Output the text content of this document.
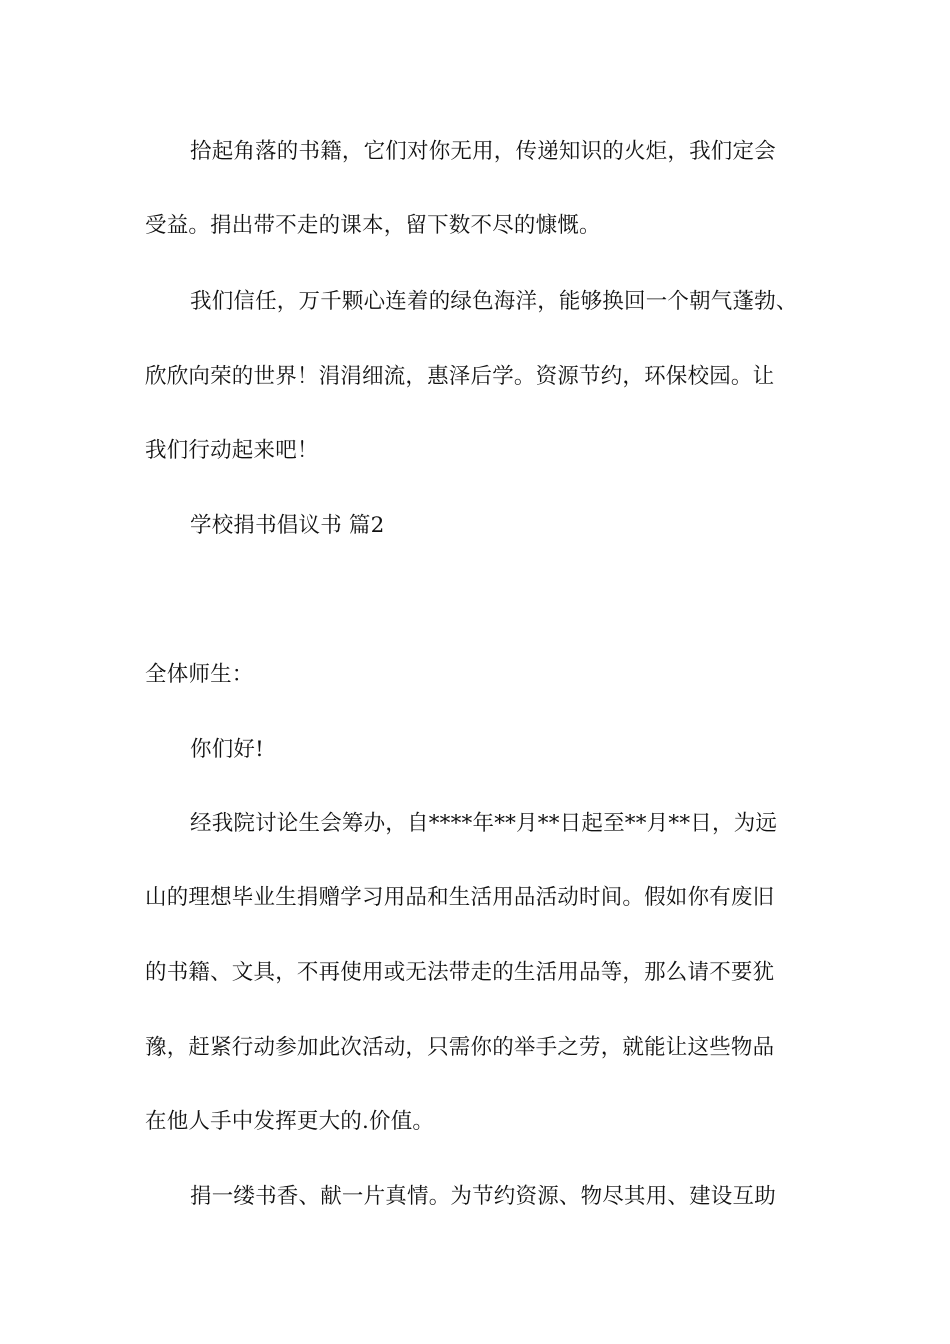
拾起角落的书籍，它们对你无用，传递知识的火炬，我们定会
受益。捐出带不走的课本，留下数不尽的慷慨。
我们信任，万千颗心连着的绿色海洋，能够换回一个朝气蓬勃、
欣欣向荣的世界！涓涓细流，惠泽后学。资源节约，环保校园。让
我们行动起来吧！
学校捐书倡议书 篇2
全体师生：
你们好!
经我院讨论生会筹办，自****年**月**日起至**月**日，为远
山的理想毕业生捐赠学习用品和生活用品活动时间。假如你有废旧
的书籍、文具，不再使用或无法带走的生活用品等，那么请不要犹
豫，赶紧行动参加此次活动，只需你的举手之劳，就能让这些物品
在他人手中发挥更大的.价值。
捐一缕书香、献一片真情。为节约资源、物尽其用、建设互助
